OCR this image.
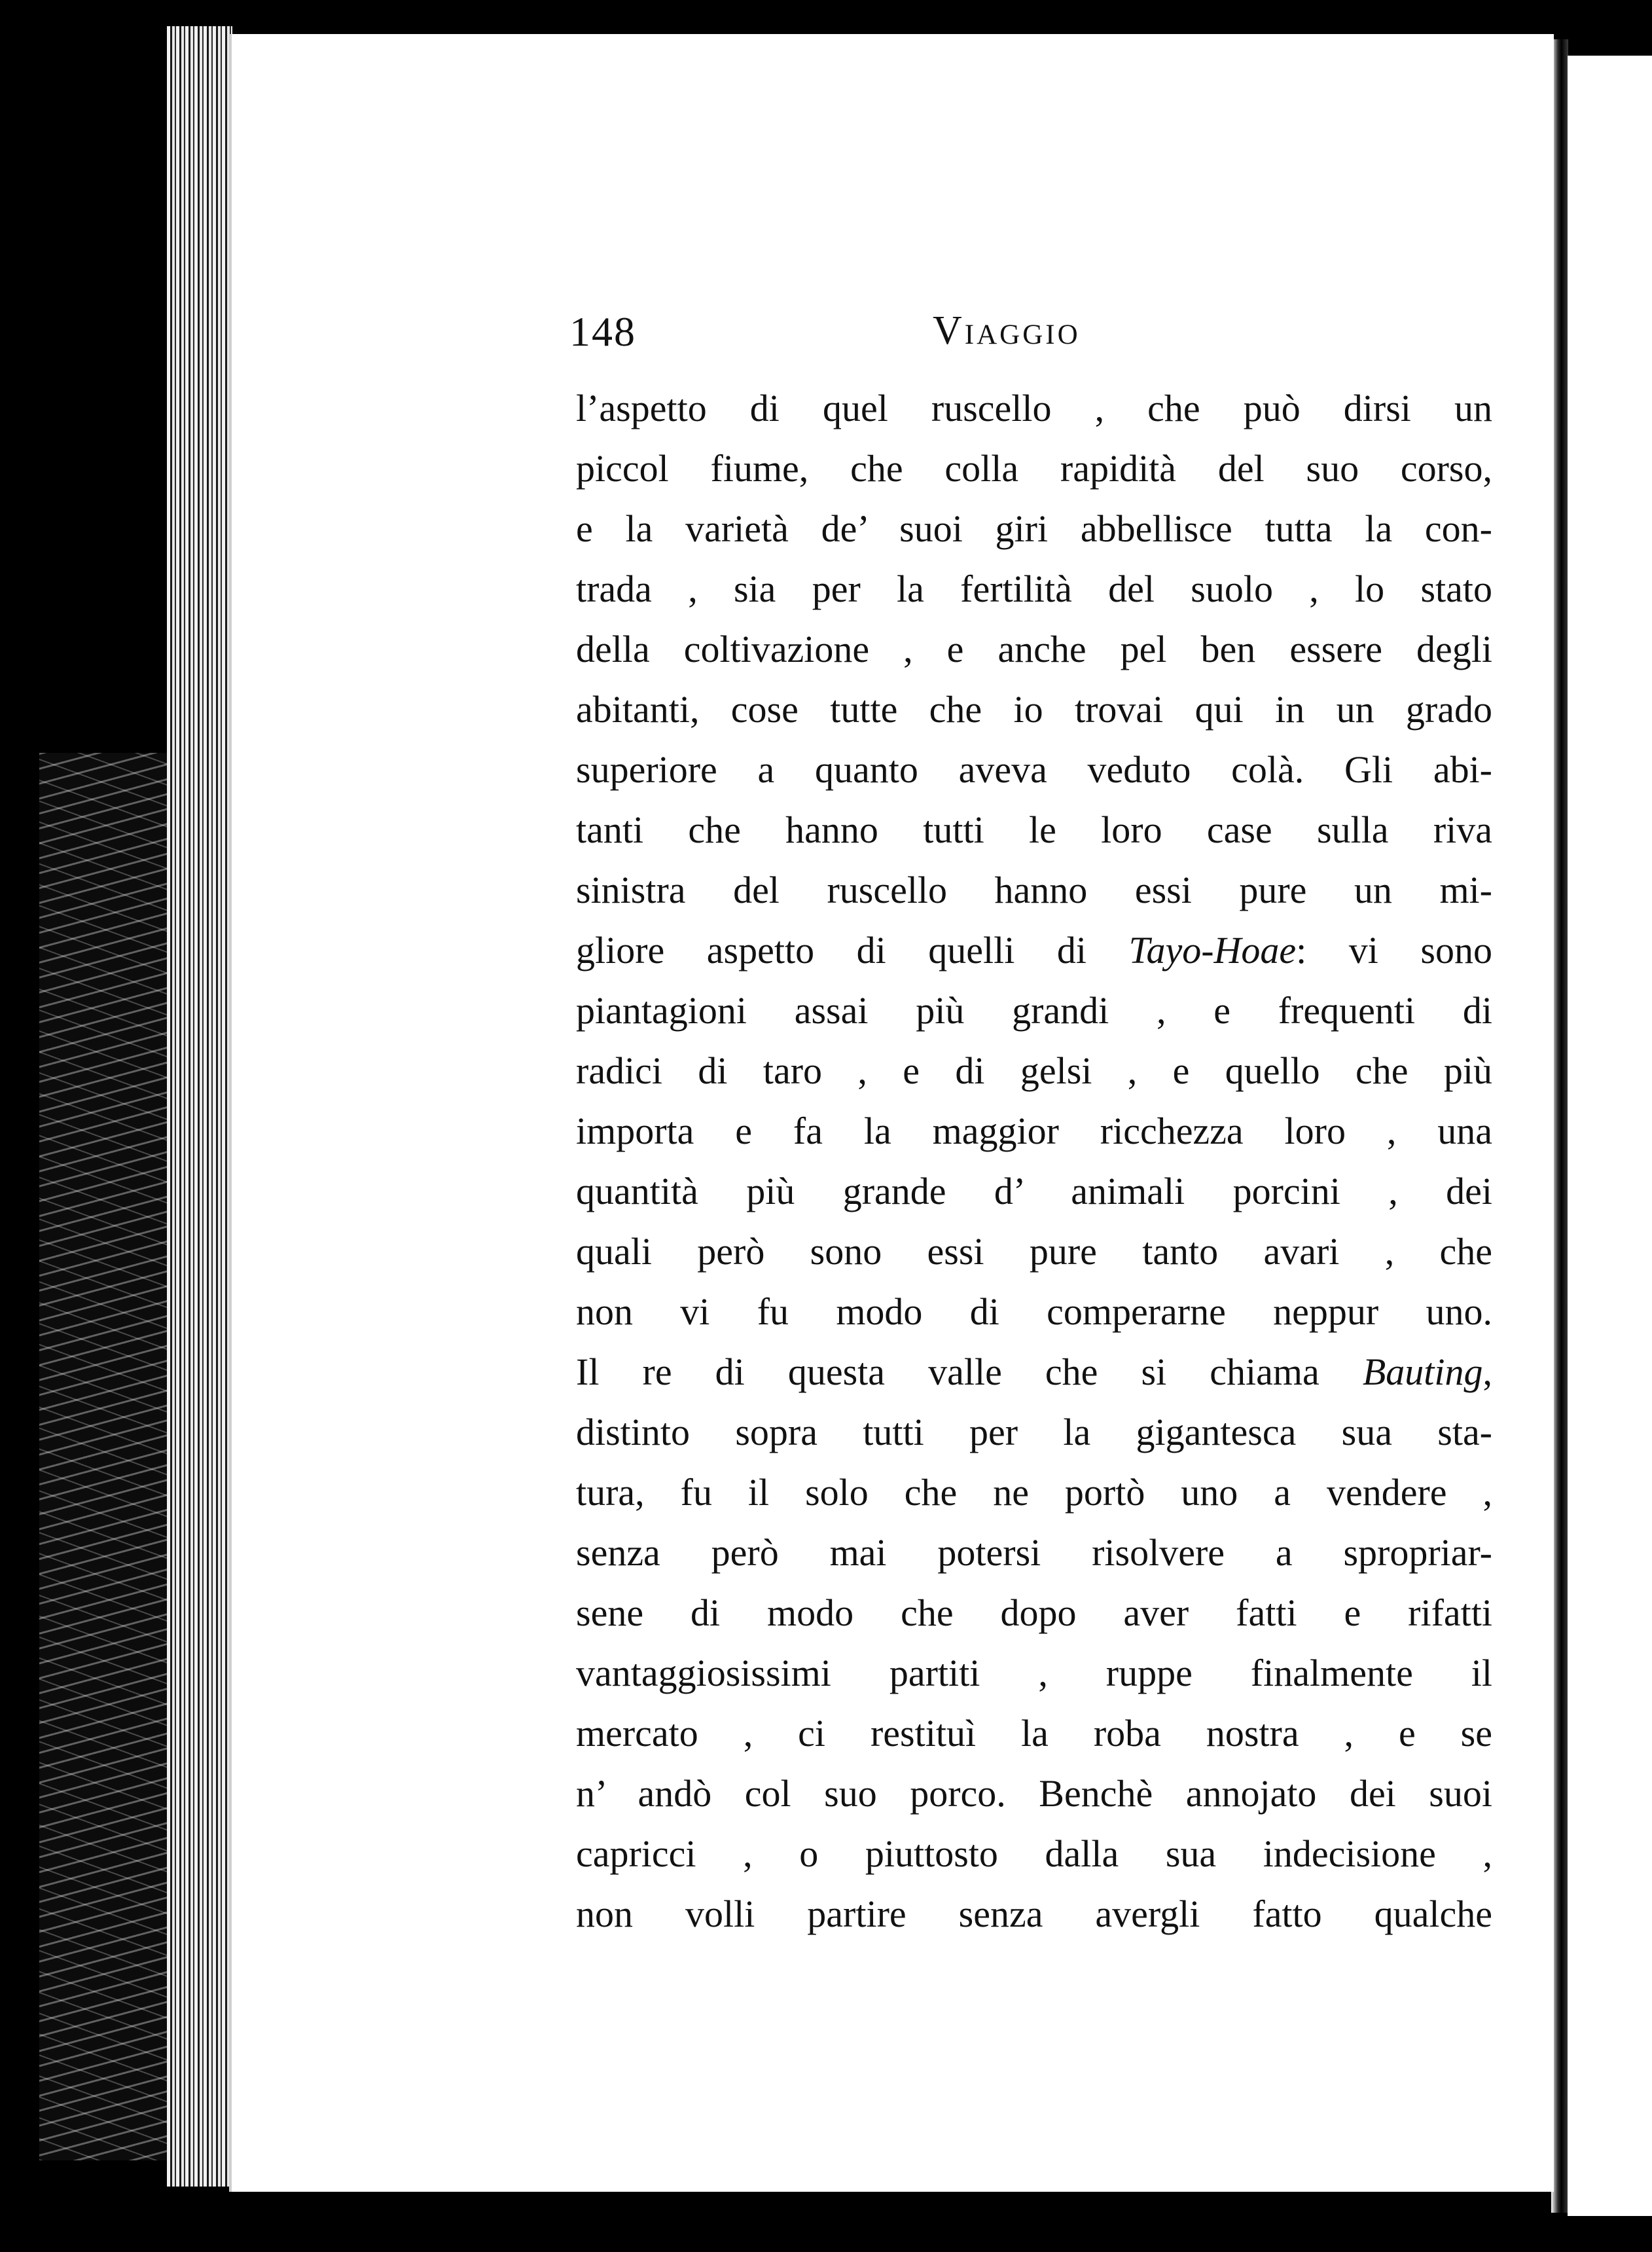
148	Viaggio
l’aspetto di quel ruscello , che può dirsi un
piccol fiume, che colla rapidità del suo corso,
e la varietà de’ suoi giri abbellisce tutta la con-
trada , sia per la fertilità del suolo , lo stato
della coltivazione , e anche pel ben essere degli
abitanti, cose tutte che io trovai qui in un grado
superiore a quanto aveva veduto colà. Gli abi-
tanti che hanno tutti le loro case sulla riva
sinistra del ruscello hanno essi pure un mi-
gliore aspetto di quelli di Tayo-Hoae: vi sono
piantagioni assai più grandi , e frequenti di
radici di taro , e di gelsi , e quello che più
importa e fa la maggior ricchezza loro , una
quantità più grande d’ animali porcini , dei
quali però sono essi pure tanto avari , che
non vi fu modo di comperarne neppur uno.
Il re di questa valle che si chiama Bauting,
distinto sopra tutti per la gigantesca sua sta-
tura, fu il solo che ne portò uno a vendere ,
senza però mai potersi risolvere a spropriar-
sene di modo che dopo aver fatti e rifatti
vantaggiosissimi partiti , ruppe finalmente il
mercato , ci restituì la roba nostra , e se
n’ andò col suo porco. Benchè annojato dei suoi
capricci , o piuttosto dalla sua indecisione ,
non volli partire senza avergli fatto qualche
